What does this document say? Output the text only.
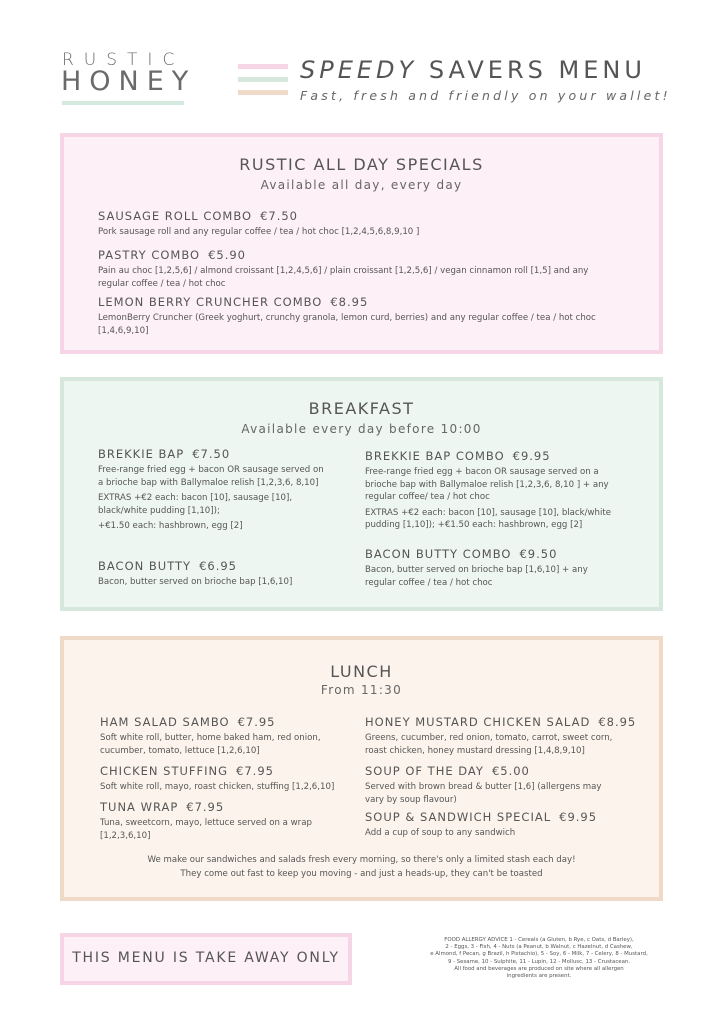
RUSTIC
HONEY	SPEEDY SAVERS MENU
Fast, fresh and friendly on your wallet!
RUSTIC ALL DAY SPECIALS
Available all day, every day
SAUSAGE ROLL COMBO €7.50
Pork sausage roll and any regular coffee / tea / hot choc [1,2,4,5,6,8,9,10 ]
PASTRY COMBO €5.90
Pain au choc [1,2,5,6] / almond croissant [1,2,4,5,6] / plain croissant [1,2,5,6] / vegan cinnamon roll [1,5] and any regular coffee / tea / hot choc
LEMON BERRY CRUNCHER COMBO €8.95
LemonBerry Cruncher (Greek yoghurt, crunchy granola, lemon curd, berries) and any regular coffee / tea / hot choc [1,4,6,9,10]
BREAKFAST
Available every day before 10:00
BREKKIE BAP €7.50
Free-range fried egg + bacon OR sausage served on a brioche bap with Ballymaloe relish [1,2,3,6, 8,10]
EXTRAS +€2 each: bacon [10], sausage [10], black/white pudding [1,10]);
+€1.50 each: hashbrown, egg [2]
BACON BUTTY €6.95
Bacon, butter served on brioche bap [1,6,10]
BREKKIE BAP COMBO €9.95
Free-range fried egg + bacon OR sausage served on a brioche bap with Ballymaloe relish [1,2,3,6, 8,10 ] + any regular coffee/ tea / hot choc
EXTRAS +€2 each: bacon [10], sausage [10], black/white pudding [1,10]); +€1.50 each: hashbrown, egg [2]
BACON BUTTY COMBO €9.50
Bacon, butter served on brioche bap [1,6,10] + any regular coffee / tea / hot choc
LUNCH
From 11:30
HAM SALAD SAMBO €7.95
Soft white roll, butter, home baked ham, red onion, cucumber, tomato, lettuce [1,2,6,10]
CHICKEN STUFFING €7.95
Soft white roll, mayo, roast chicken, stuffing [1,2,6,10]
TUNA WRAP €7.95
Tuna, sweetcorn, mayo, lettuce served on a wrap [1,2,3,6,10]
HONEY MUSTARD CHICKEN SALAD €8.95
Greens, cucumber, red onion, tomato, carrot, sweet corn, roast chicken, honey mustard dressing [1,4,8,9,10]
SOUP OF THE DAY €5.00
Served with brown bread & butter [1,6] (allergens may vary by soup flavour)
SOUP & SANDWICH SPECIAL €9.95
Add a cup of soup to any sandwich
We make our sandwiches and salads fresh every morning, so there's only a limited stash each day!
They come out fast to keep you moving - and just a heads-up, they can't be toasted
THIS MENU IS TAKE AWAY ONLY
FOOD ALLERGY ADVICE 1 - Cereals (a Gluten, b Rye, c Oats, d Barley),
2 - Eggs, 3 - Fish, 4 - Nuts (a Peanut, b Walnut, c Hazelnut, d Cashew,
e Almond, f Pecan, g Brazil, h Pistachio), 5 - Soy, 6 - Milk, 7 - Celery, 8 - Mustard,
9 - Sesame, 10 - Sulphite, 11 - Lupin, 12 - Mollusc, 13 - Crustacean.
All food and beverages are produced on site where all allergen
ingredients are present.
